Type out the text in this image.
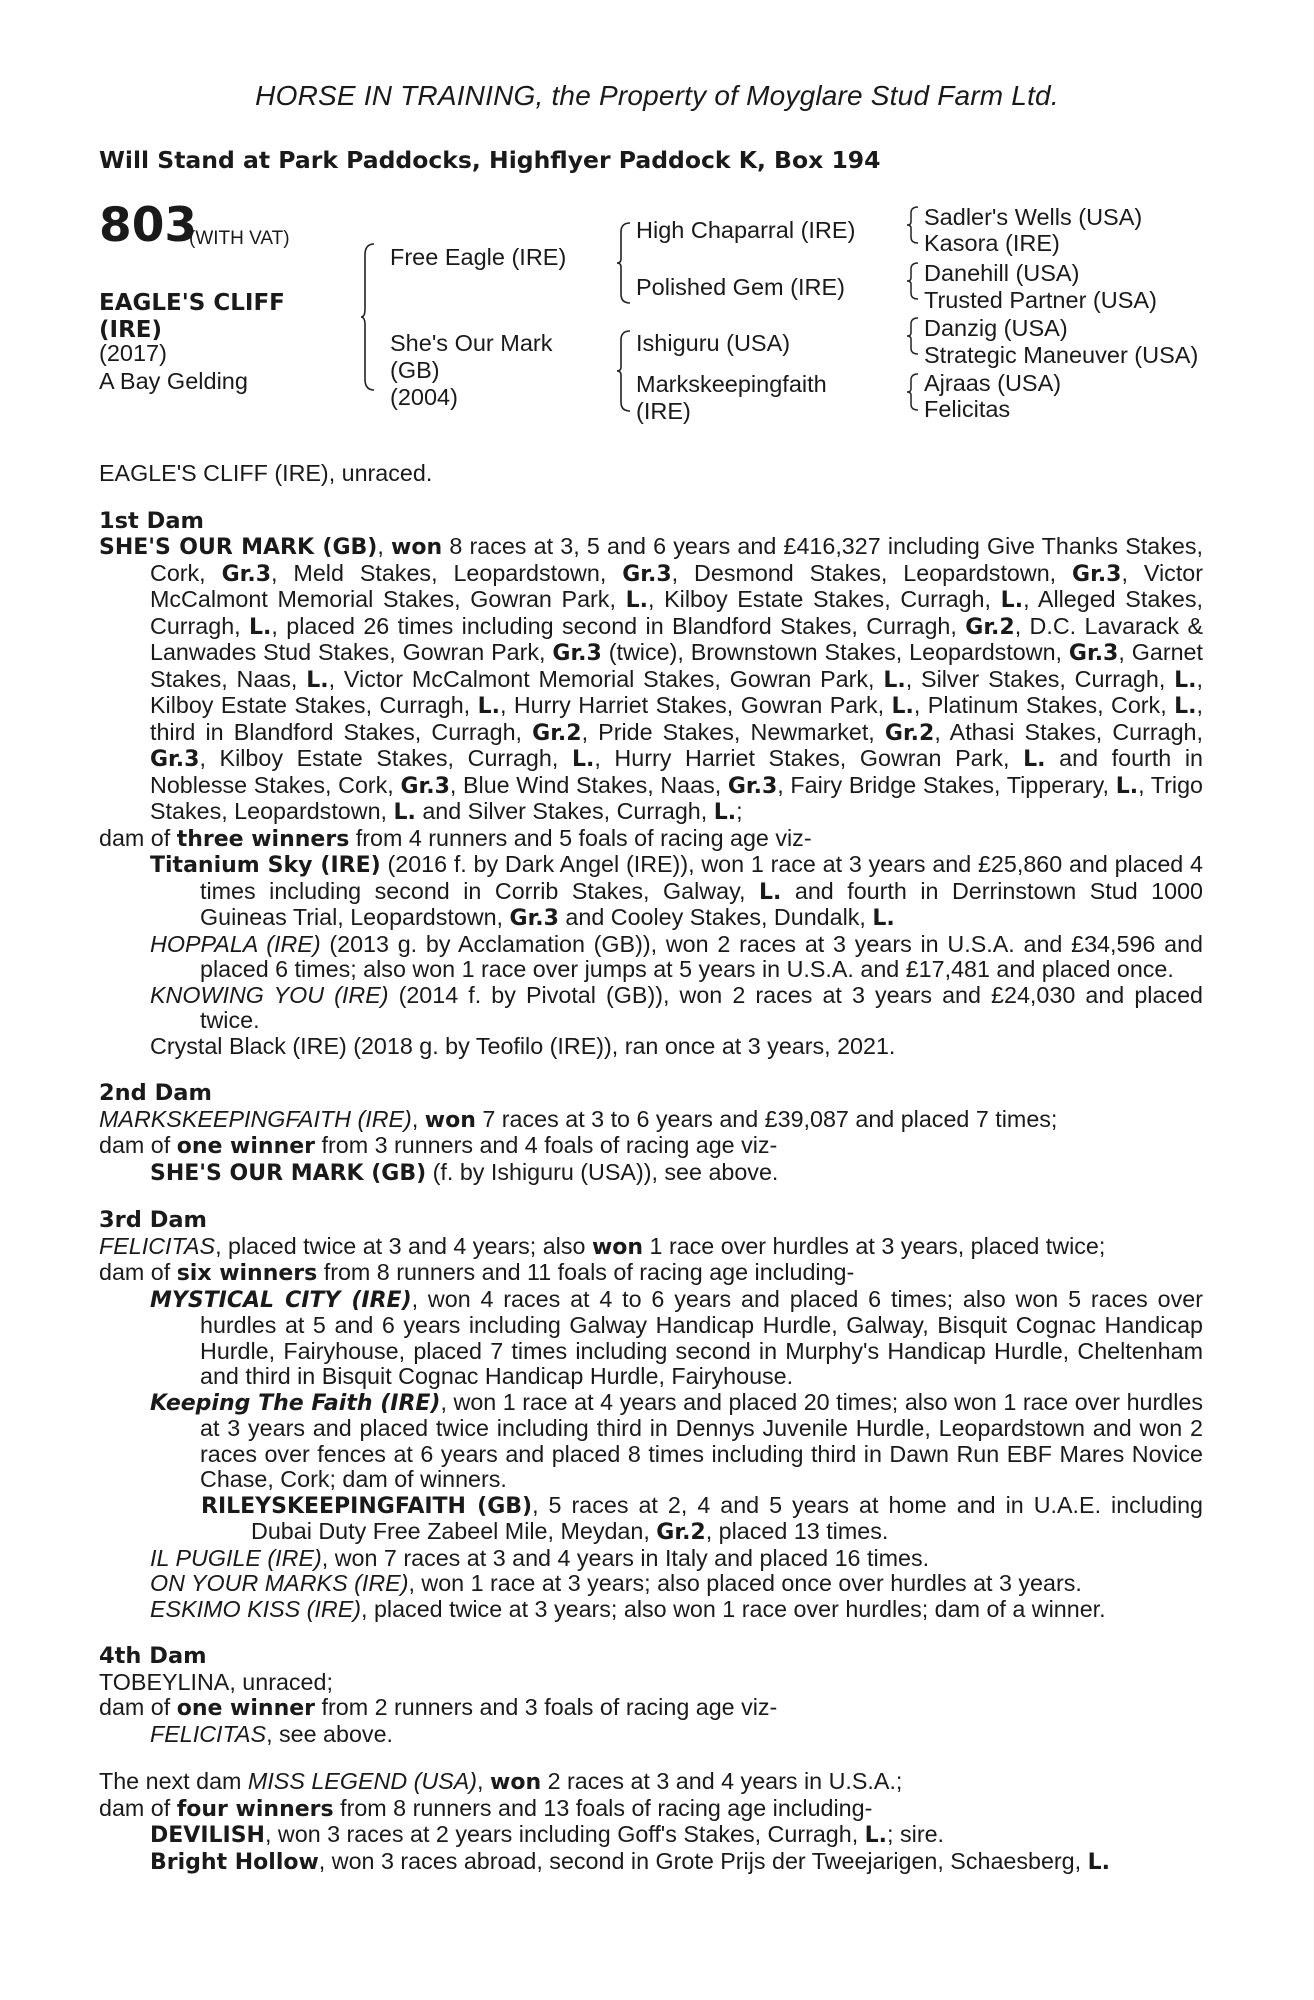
HORSE IN TRAINING, the Property of Moyglare Stud Farm Ltd.
Will Stand at Park Paddocks, Highflyer Paddock K, Box 194
803
(WITH VAT)
EAGLE'S CLIFF
(IRE)
(2017)
A Bay Gelding
Free Eagle (IRE)
She's Our Mark
(GB)
(2004)
High Chaparral (IRE)
Polished Gem (IRE)
Ishiguru (USA)
Markskeepingfaith
(IRE)
Sadler's Wells (USA)
Kasora (IRE)
Danehill (USA)
Trusted Partner (USA)
Danzig (USA)
Strategic Maneuver (USA)
Ajraas (USA)
Felicitas

EAGLE'S CLIFF (IRE), unraced.

1st Dam

SHE'S OUR MARK (GB), won 8 races at 3, 5 and 6 years and £416,327 including Give Thanks Stakes, Cork, Gr.3, Meld Stakes, Leopardstown, Gr.3, Desmond Stakes, Leopardstown, Gr.3, Victor McCalmont Memorial Stakes, Gowran Park, L., Kilboy Estate Stakes, Curragh, L., Alleged Stakes, Curragh, L., placed 26 times including second in Blandford Stakes, Curragh, Gr.2, D.C. Lavarack & Lanwades Stud Stakes, Gowran Park, Gr.3 (twice), Brownstown Stakes, Leopardstown, Gr.3, Garnet Stakes, Naas, L., Victor McCalmont Memorial Stakes, Gowran Park, L., Silver Stakes, Curragh, L., Kilboy Estate Stakes, Curragh, L., Hurry Harriet Stakes, Gowran Park, L., Platinum Stakes, Cork, L., third in Blandford Stakes, Curragh, Gr.2, Pride Stakes, Newmarket, Gr.2, Athasi Stakes, Curragh, Gr.3, Kilboy Estate Stakes, Curragh, L., Hurry Harriet Stakes, Gowran Park, L. and fourth in Noblesse Stakes, Cork, Gr.3, Blue Wind Stakes, Naas, Gr.3, Fairy Bridge Stakes, Tipperary, L., Trigo Stakes, Leopardstown, L. and Silver Stakes, Curragh, L.;

dam of three winners from 4 runners and 5 foals of racing age viz-

Titanium Sky (IRE) (2016 f. by Dark Angel (IRE)), won 1 race at 3 years and £25,860 and placed 4 times including second in Corrib Stakes, Galway, L. and fourth in Derrinstown Stud 1000 Guineas Trial, Leopardstown, Gr.3 and Cooley Stakes, Dundalk, L.

HOPPALA (IRE) (2013 g. by Acclamation (GB)), won 2 races at 3 years in U.S.A. and £34,596 and placed 6 times; also won 1 race over jumps at 5 years in U.S.A. and £17,481 and placed once.

KNOWING YOU (IRE) (2014 f. by Pivotal (GB)), won 2 races at 3 years and £24,030 and placed twice.

Crystal Black (IRE) (2018 g. by Teofilo (IRE)), ran once at 3 years, 2021.

2nd Dam

MARKSKEEPINGFAITH (IRE), won 7 races at 3 to 6 years and £39,087 and placed 7 times;

dam of one winner from 3 runners and 4 foals of racing age viz-

SHE'S OUR MARK (GB) (f. by Ishiguru (USA)), see above.

3rd Dam

FELICITAS, placed twice at 3 and 4 years; also won 1 race over hurdles at 3 years, placed twice;

dam of six winners from 8 runners and 11 foals of racing age including-

MYSTICAL CITY (IRE), won 4 races at 4 to 6 years and placed 6 times; also won 5 races over hurdles at 5 and 6 years including Galway Handicap Hurdle, Galway, Bisquit Cognac Handicap Hurdle, Fairyhouse, placed 7 times including second in Murphy's Handicap Hurdle, Cheltenham and third in Bisquit Cognac Handicap Hurdle, Fairyhouse.

Keeping The Faith (IRE), won 1 race at 4 years and placed 20 times; also won 1 race over hurdles at 3 years and placed twice including third in Dennys Juvenile Hurdle, Leopardstown and won 2 races over fences at 6 years and placed 8 times including third in Dawn Run EBF Mares Novice Chase, Cork; dam of winners.

RILEYSKEEPINGFAITH (GB), 5 races at 2, 4 and 5 years at home and in U.A.E. including Dubai Duty Free Zabeel Mile, Meydan, Gr.2, placed 13 times.

IL PUGILE (IRE), won 7 races at 3 and 4 years in Italy and placed 16 times.

ON YOUR MARKS (IRE), won 1 race at 3 years; also placed once over hurdles at 3 years.

ESKIMO KISS (IRE), placed twice at 3 years; also won 1 race over hurdles; dam of a winner.

4th Dam

TOBEYLINA, unraced;

dam of one winner from 2 runners and 3 foals of racing age viz-

FELICITAS, see above.

The next dam MISS LEGEND (USA), won 2 races at 3 and 4 years in U.S.A.;

dam of four winners from 8 runners and 13 foals of racing age including-

DEVILISH, won 3 races at 2 years including Goff's Stakes, Curragh, L.; sire.

Bright Hollow, won 3 races abroad, second in Grote Prijs der Tweejarigen, Schaesberg, L.
